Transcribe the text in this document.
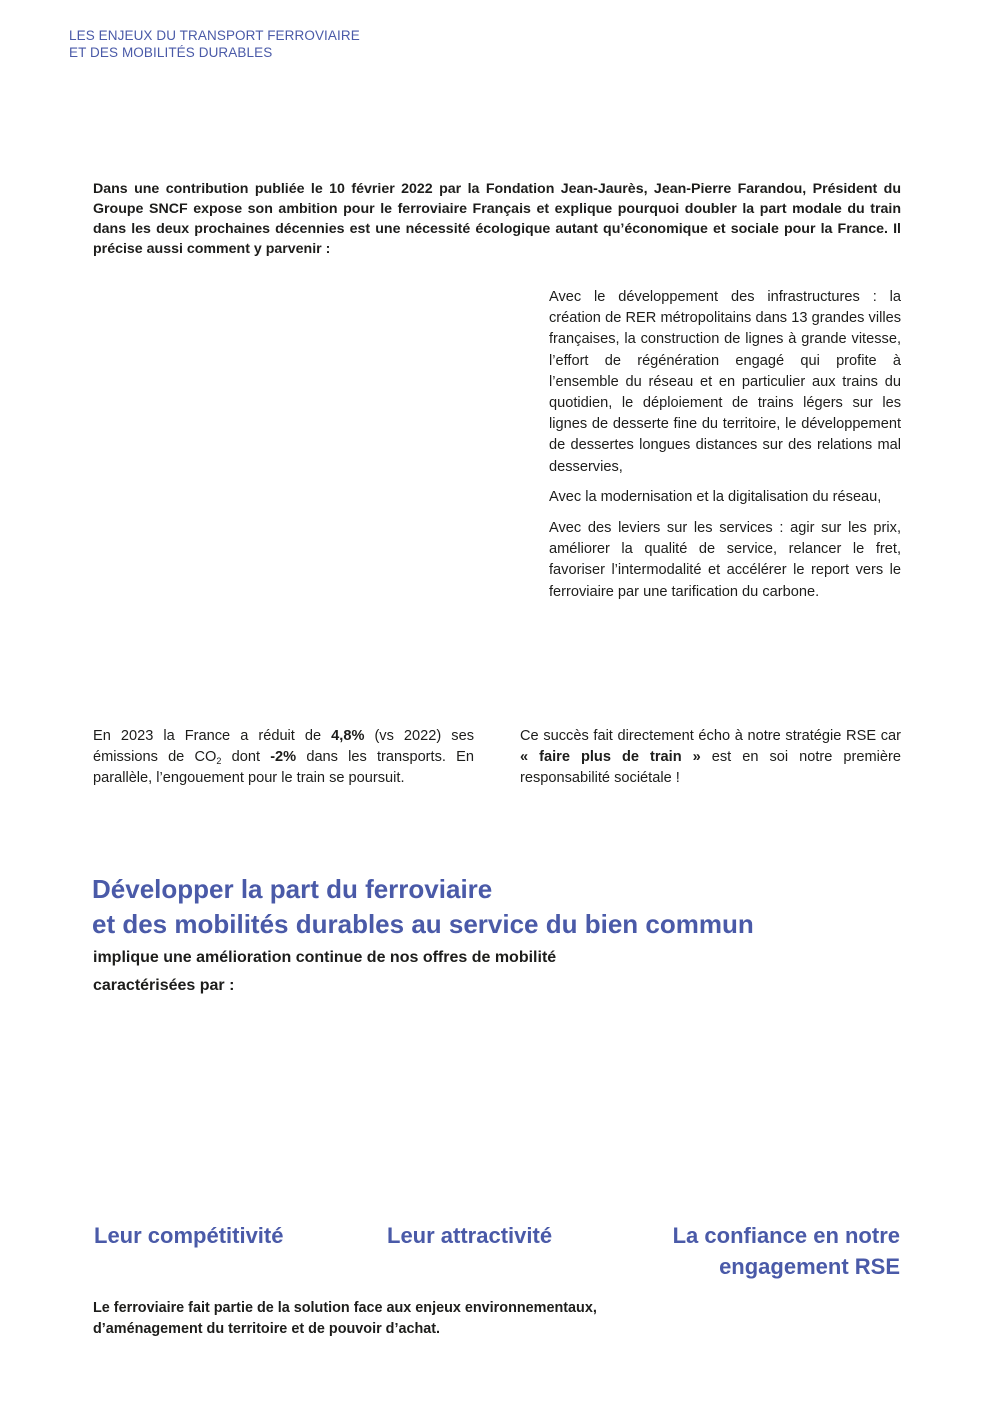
LES ENJEUX DU TRANSPORT FERROVIAIRE
ET DES MOBILITÉS DURABLES
Dans une contribution publiée le 10 février 2022 par la Fondation Jean-Jaurès, Jean-Pierre Farandou, Président du Groupe SNCF expose son ambition pour le ferroviaire Français et explique pourquoi doubler la part modale du train dans les deux prochaines décennies est une nécessité écologique autant qu’économique et sociale pour la France. Il précise aussi comment y parvenir :

Avec le développement des infrastructures : la création de RER métropolitains dans 13 grandes villes françaises, la construction de lignes à grande vitesse, l’effort de régénération engagé qui profite à l’ensemble du réseau et en particulier aux trains du quotidien, le déploiement de trains légers sur les lignes de desserte fine du territoire, le développement de dessertes longues distances sur des relations mal desservies,

Avec la modernisation et la digitalisation du réseau,

Avec des leviers sur les services : agir sur les prix, améliorer la qualité de service, relancer le fret, favoriser l’intermodalité et accélérer le report vers le ferroviaire par une tarification du carbone.

En 2023 la France a réduit de 4,8% (vs 2022) ses émissions de $CO_2$ dont -2% dans les transports. En parallèle, l’engouement pour le train se poursuit.

Ce succès fait directement écho à notre stratégie RSE car « faire plus de train » est en soi notre première responsabilité sociétale !

Développer la part du ferroviaire
et des mobilités durables au service du bien commun
implique une amélioration continue de nos offres de mobilité
caractérisées par :
Leur compétitivité	Leur attractivité	La confiance en notre
engagement RSE
Le ferroviaire fait partie de la solution face aux enjeux environnementaux,
d’aménagement du territoire et de pouvoir d’achat.
